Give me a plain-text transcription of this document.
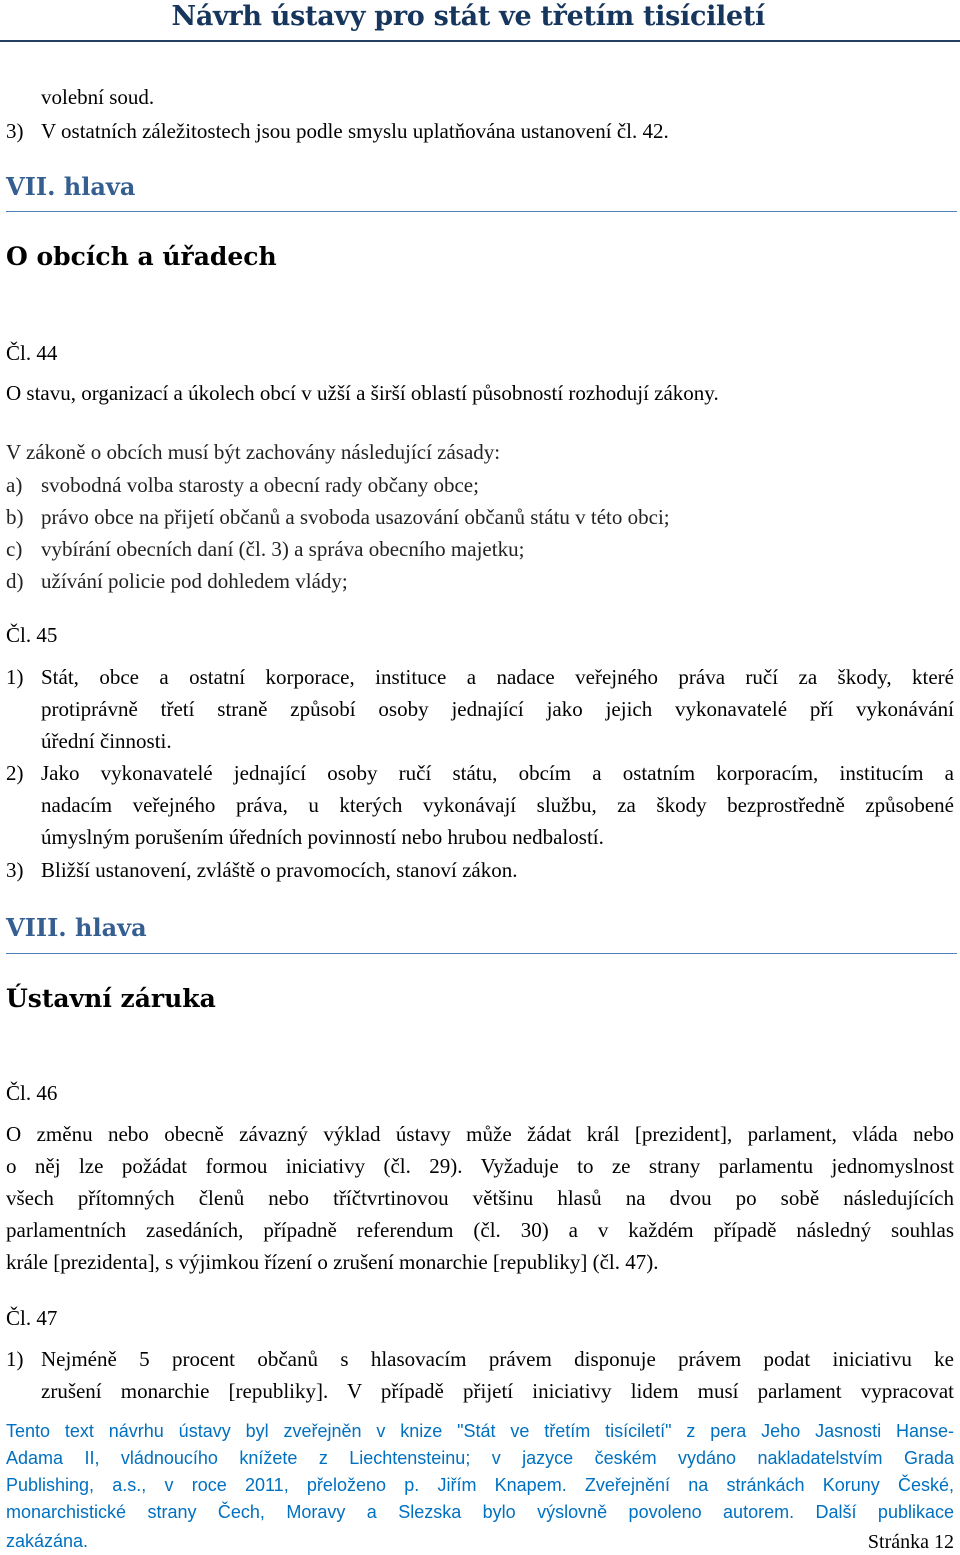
Návrh ústavy pro stát ve třetím tisíciletí
volební soud.
3) V ostatních záležitostech jsou podle smyslu uplatňována ustanovení čl. 42.
VII. hlava
O obcích a úřadech
Čl. 44
O stavu, organizací a úkolech obcí v užší a širší oblastí působností rozhodují zákony.
V zákoně o obcích musí být zachovány následující zásady:
a) svobodná volba starosty a obecní rady občany obce;
b) právo obce na přijetí občanů a svoboda usazování občanů státu v této obci;
c) vybírání obecních daní (čl. 3) a správa obecního majetku;
d) užívání policie pod dohledem vlády;
Čl. 45
1) Stát, obce a ostatní korporace, instituce a nadace veřejného práva ručí za škody, které
protiprávně třetí straně způsobí osoby jednající jako jejich vykonavatelé pří vykonávání
úřední činnosti.
2) Jako vykonavatelé jednající osoby ručí státu, obcím a ostatním korporacím, institucím a
nadacím veřejného práva, u kterých vykonávají službu, za škody bezprostředně způsobené
úmyslným porušením úředních povinností nebo hrubou nedbalostí.
3) Bližší ustanovení, zvláště o pravomocích, stanoví zákon.
VIII. hlava
Ústavní záruka
Čl. 46
O změnu nebo obecně závazný výklad ústavy může žádat král [prezident], parlament, vláda nebo
o něj lze požádat formou iniciativy (čl. 29). Vyžaduje to ze strany parlamentu jednomyslnost
všech přítomných členů nebo tříčtvrtinovou většinu hlasů na dvou po sobě následujících
parlamentních zasedáních, případně referendum (čl. 30) a v každém případě následný souhlas
krále [prezidenta], s výjimkou řízení o zrušení monarchie [republiky] (čl. 47).
Čl. 47
1) Nejméně 5 procent občanů s hlasovacím právem disponuje právem podat iniciativu ke
zrušení monarchie [republiky]. V případě přijetí iniciativy lidem musí parlament vypracovat
Tento text návrhu ústavy byl zveřejněn v knize "Stát ve třetím tisíciletí" z pera Jeho Jasnosti Hanse-
Adama II, vládnoucího knížete z Liechtensteinu; v jazyce českém vydáno nakladatelstvím Grada
Publishing, a.s., v roce 2011, přeloženo p. Jiřím Knapem. Zveřejnění na stránkách Koruny České,
monarchistické strany Čech, Moravy a Slezska bylo výslovně povoleno autorem. Další publikace
zakázána.	Stránka 12
